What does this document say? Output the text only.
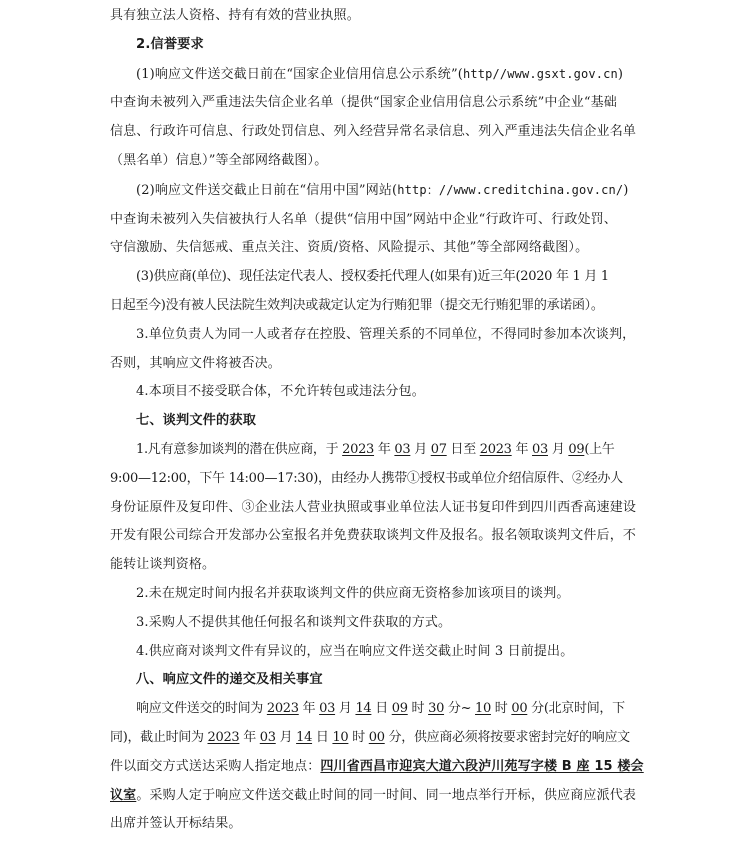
具有独立法人资格、持有有效的营业执照。
2.信誉要求
(1)响应文件送交截日前在“国家企业信用信息公示系统”(http//www.gsxt.gov.cn)
中查询未被列入严重违法失信企业名单（提供“国家企业信用信息公示系统”中企业“基础
信息、行政许可信息、行政处罚信息、列入经营异常名录信息、列入严重违法失信企业名单
（黑名单）信息）”等全部网络截图）。
(2)响应文件送交截止日前在“信用中国”网站(http：//www.creditchina.gov.cn/)
中查询未被列入失信被执行人名单（提供“信用中国”网站中企业“行政许可、行政处罚、
守信激励、失信惩戒、重点关注、资质/资格、风险提示、其他”等全部网络截图）。
(3)供应商(单位)、现任法定代表人、授权委托代理人(如果有)近三年(2020 年 1 月 1
日起至今)没有被人民法院生效判决或裁定认定为行贿犯罪（提交无行贿犯罪的承诺函）。
3.单位负责人为同一人或者存在控股、管理关系的不同单位，不得同时参加本次谈判，
否则，其响应文件将被否决。
4.本项目不接受联合体，不允许转包或违法分包。
七、谈判文件的获取
1.凡有意参加谈判的潜在供应商，于 2023 年 03 月 07 日至 2023 年 03 月 09(上午
9:00—12:00，下午 14:00—17:30)，由经办人携带①授权书或单位介绍信原件、②经办人
身份证原件及复印件、③企业法人营业执照或事业单位法人证书复印件到四川西香高速建设
开发有限公司综合开发部办公室报名并免费获取谈判文件及报名。报名领取谈判文件后，不
能转让谈判资格。
2.未在规定时间内报名并获取谈判文件的供应商无资格参加该项目的谈判。
3.采购人不提供其他任何报名和谈判文件获取的方式。
4.供应商对谈判文件有异议的，应当在响应文件送交截止时间 3 日前提出。
八、响应文件的递交及相关事宜
响应文件送交的时间为 2023 年 03 月 14 日 09 时 30 分~ 10 时 00 分(北京时间，下
同)，截止时间为 2023 年 03 月 14 日 10 时 00 分，供应商必须将按要求密封完好的响应文
件以面交方式送达采购人指定地点：四川省西昌市迎宾大道六段泸川苑写字楼 B 座 15 楼会
议室。采购人定于响应文件送交截止时间的同一时间、同一地点举行开标，供应商应派代表
出席并签认开标结果。
